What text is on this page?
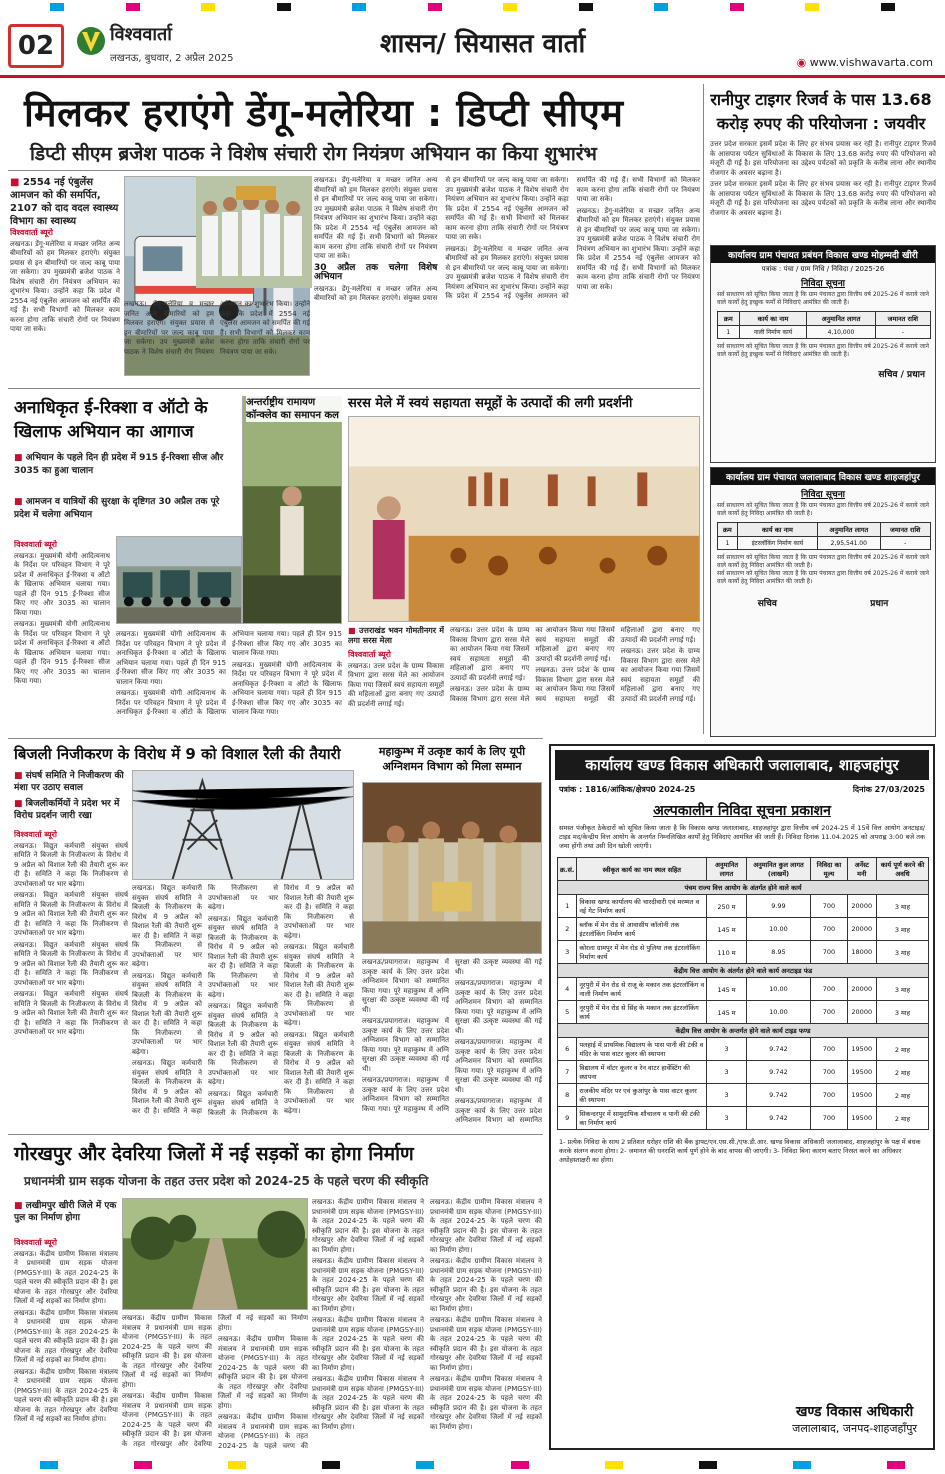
02	विश्ववार्ता
लखनऊ, बुधवार, 2 अप्रैल 2025	शासन/ सियासत वार्ता
◉ www.vishwavarta.com
मिलकर हराएंगे डेंगू-मलेरिया : डिप्टी सीएम
डिप्टी सीएम ब्रजेश पाठक ने विशेष संचारी रोग नियंत्रण अभियान का किया शुभारंभ
■ 2554 नई एंबुलेंस आमजन को की समर्पित, 2107 को दाद वदल स्वास्थ्य विभाग का स्वास्थ्य
विश्ववार्ता ब्यूरो

लखनऊ। डेंगू-मलेरिया व मच्छर जनित अन्य बीमारियों को हम मिलकर हराएंगे। संयुक्त प्रयास से इन बीमारियों पर जल्द काबू पाया जा सकेगा। उप मुख्यमंत्री ब्रजेश पाठक ने विशेष संचारी रोग नियंत्रण अभियान का शुभारंभ किया। उन्होंने कहा कि प्रदेश में 2554 नई एंबुलेंस आमजन को समर्पित की गई हैं। सभी विभागों को मिलकर काम करना होगा ताकि संचारी रोगों पर नियंत्रण पाया जा सके।

लखनऊ। डेंगू-मलेरिया व मच्छर जनित अन्य बीमारियों को हम मिलकर हराएंगे। संयुक्त प्रयास से इन बीमारियों पर जल्द काबू पाया जा सकेगा। उप मुख्यमंत्री ब्रजेश पाठक ने विशेष संचारी रोग नियंत्रण अभियान का शुभारंभ किया। उन्होंने कहा कि प्रदेश में 2554 नई एंबुलेंस आमजन को समर्पित की गई हैं। सभी विभागों को मिलकर काम करना होगा ताकि संचारी रोगों पर नियंत्रण पाया जा सके।

लखनऊ। डेंगू-मलेरिया व मच्छर जनित अन्य बीमारियों को हम मिलकर हराएंगे। संयुक्त प्रयास से इन बीमारियों पर जल्द काबू पाया जा सकेगा। उप मुख्यमंत्री ब्रजेश पाठक ने विशेष संचारी रोग नियंत्रण अभियान का शुभारंभ किया। उन्होंने कहा कि प्रदेश में 2554 नई एंबुलेंस आमजन को समर्पित की गई हैं। सभी विभागों को मिलकर काम करना होगा ताकि संचारी रोगों पर नियंत्रण पाया जा सके।

30 अप्रैल तक चलेगा विशेष अभियान

लखनऊ। डेंगू-मलेरिया व मच्छर जनित अन्य बीमारियों को हम मिलकर हराएंगे। संयुक्त प्रयास से इन बीमारियों पर जल्द काबू पाया जा सकेगा। उप मुख्यमंत्री ब्रजेश पाठक ने विशेष संचारी रोग नियंत्रण अभियान का शुभारंभ किया। उन्होंने कहा कि प्रदेश में 2554 नई एंबुलेंस आमजन को समर्पित की गई हैं। सभी विभागों को मिलकर काम करना होगा ताकि संचारी रोगों पर नियंत्रण पाया जा सके।

लखनऊ। डेंगू-मलेरिया व मच्छर जनित अन्य बीमारियों को हम मिलकर हराएंगे। संयुक्त प्रयास से इन बीमारियों पर जल्द काबू पाया जा सकेगा। उप मुख्यमंत्री ब्रजेश पाठक ने विशेष संचारी रोग नियंत्रण अभियान का शुभारंभ किया। उन्होंने कहा कि प्रदेश में 2554 नई एंबुलेंस आमजन को समर्पित की गई हैं। सभी विभागों को मिलकर काम करना होगा ताकि संचारी रोगों पर नियंत्रण पाया जा सके।

लखनऊ। डेंगू-मलेरिया व मच्छर जनित अन्य बीमारियों को हम मिलकर हराएंगे। संयुक्त प्रयास से इन बीमारियों पर जल्द काबू पाया जा सकेगा। उप मुख्यमंत्री ब्रजेश पाठक ने विशेष संचारी रोग नियंत्रण अभियान का शुभारंभ किया। उन्होंने कहा कि प्रदेश में 2554 नई एंबुलेंस आमजन को समर्पित की गई हैं। सभी विभागों को मिलकर काम करना होगा ताकि संचारी रोगों पर नियंत्रण पाया जा सके।

रानीपुर टाइगर रिजर्व के पास 13.68 करोड़ रुपए की परियोजना : जयवीर

उत्तर प्रदेश सरकार इसमें प्रदेश के लिए हर संभव प्रयास कर रही है। रानीपुर टाइगर रिजर्व के आसपास पर्यटन सुविधाओं के विकास के लिए 13.68 करोड़ रुपए की परियोजना को मंजूरी दी गई है। इस परियोजना का उद्देश्य पर्यटकों को प्रकृति के करीब लाना और स्थानीय रोजगार के अवसर बढ़ाना है।

उत्तर प्रदेश सरकार इसमें प्रदेश के लिए हर संभव प्रयास कर रही है। रानीपुर टाइगर रिजर्व के आसपास पर्यटन सुविधाओं के विकास के लिए 13.68 करोड़ रुपए की परियोजना को मंजूरी दी गई है। इस परियोजना का उद्देश्य पर्यटकों को प्रकृति के करीब लाना और स्थानीय रोजगार के अवसर बढ़ाना है।

कार्यालय ग्राम पंचायत प्रबंधन विकास खण्ड मोहम्मदी खीरी
पत्रांक : पंचा / ग्राम निधि / निविदा / 2025-26
निविदा सूचना
सर्व साधारण को सूचित किया जाता है कि ग्राम पंचायत द्वारा वित्तीय वर्ष 2025-26 में कराये जाने वाले कार्यों हेतु इच्छुक फर्मों से निविदाएं आमंत्रित की जाती हैं।
क्रम	कार्य का नाम	अनुमानित लागत	जमानत राशि
1	नाली निर्माण कार्य	4,10,000	-
सर्व साधारण को सूचित किया जाता है कि ग्राम पंचायत द्वारा वित्तीय वर्ष 2025-26 में कराये जाने वाले कार्यों हेतु इच्छुक फर्मों से निविदाएं आमंत्रित की जाती हैं।
सचिव / प्रधान
कार्यालय ग्राम पंचायत जलालाबाद विकास खण्ड शाहजहांपुर
निविदा सूचना
सर्व साधारण को सूचित किया जाता है कि ग्राम पंचायत द्वारा वित्तीय वर्ष 2025-26 में कराये जाने वाले कार्यों हेतु निविदा आमंत्रित की जाती है।
क्रम	कार्य का नाम	अनुमानित लागत	जमानत राशि
1	इंटरलॉकिंग निर्माण कार्य	2,95,541.00	-
सर्व साधारण को सूचित किया जाता है कि ग्राम पंचायत द्वारा वित्तीय वर्ष 2025-26 में कराये जाने वाले कार्यों हेतु निविदा आमंत्रित की जाती है।
सर्व साधारण को सूचित किया जाता है कि ग्राम पंचायत द्वारा वित्तीय वर्ष 2025-26 में कराये जाने वाले कार्यों हेतु निविदा आमंत्रित की जाती है।
सचिव	प्रधान
अनाधिकृत ई-रिक्शा व ऑटो के खिलाफ अभियान का आगाज
■ अभियान के पहले दिन ही प्रदेश में 915 ई-रिक्शा सीज और 3035 का हुआ चालान
■ आमजन व यात्रियों की सुरक्षा के दृष्टिगत 30 अप्रैल तक पूरे प्रदेश में चलेगा अभियान
विश्ववार्ता ब्यूरो

लखनऊ। मुख्यमंत्री योगी आदित्यनाथ के निर्देश पर परिवहन विभाग ने पूरे प्रदेश में अनाधिकृत ई-रिक्शा व ऑटो के खिलाफ अभियान चलाया गया। पहले ही दिन 915 ई-रिक्शा सीज किए गए और 3035 का चालान किया गया।

लखनऊ। मुख्यमंत्री योगी आदित्यनाथ के निर्देश पर परिवहन विभाग ने पूरे प्रदेश में अनाधिकृत ई-रिक्शा व ऑटो के खिलाफ अभियान चलाया गया। पहले ही दिन 915 ई-रिक्शा सीज किए गए और 3035 का चालान किया गया।

लखनऊ। मुख्यमंत्री योगी आदित्यनाथ के निर्देश पर परिवहन विभाग ने पूरे प्रदेश में अनाधिकृत ई-रिक्शा व ऑटो के खिलाफ अभियान चलाया गया। पहले ही दिन 915 ई-रिक्शा सीज किए गए और 3035 का चालान किया गया।

लखनऊ। मुख्यमंत्री योगी आदित्यनाथ के निर्देश पर परिवहन विभाग ने पूरे प्रदेश में अनाधिकृत ई-रिक्शा व ऑटो के खिलाफ अभियान चलाया गया। पहले ही दिन 915 ई-रिक्शा सीज किए गए और 3035 का चालान किया गया।

लखनऊ। मुख्यमंत्री योगी आदित्यनाथ के निर्देश पर परिवहन विभाग ने पूरे प्रदेश में अनाधिकृत ई-रिक्शा व ऑटो के खिलाफ अभियान चलाया गया। पहले ही दिन 915 ई-रिक्शा सीज किए गए और 3035 का चालान किया गया।

अन्तर्राष्ट्रीय रामायण कॉन्क्लेव का समापन कल
सरस मेले में स्वयं सहायता समूहों के उत्पादों की लगी प्रदर्शनी
■ उत्तराखंड भवन गोमतीनगर में लगा सरस मेला
विश्ववार्ता ब्यूरो

लखनऊ। उत्तर प्रदेश के ग्राम्य विकास विभाग द्वारा सरस मेले का आयोजन किया गया जिसमें स्वयं सहायता समूहों की महिलाओं द्वारा बनाए गए उत्पादों की प्रदर्शनी लगाई गई।

लखनऊ। उत्तर प्रदेश के ग्राम्य विकास विभाग द्वारा सरस मेले का आयोजन किया गया जिसमें स्वयं सहायता समूहों की महिलाओं द्वारा बनाए गए उत्पादों की प्रदर्शनी लगाई गई।

लखनऊ। उत्तर प्रदेश के ग्राम्य विकास विभाग द्वारा सरस मेले का आयोजन किया गया जिसमें स्वयं सहायता समूहों की महिलाओं द्वारा बनाए गए उत्पादों की प्रदर्शनी लगाई गई।

लखनऊ। उत्तर प्रदेश के ग्राम्य विकास विभाग द्वारा सरस मेले का आयोजन किया गया जिसमें स्वयं सहायता समूहों की महिलाओं द्वारा बनाए गए उत्पादों की प्रदर्शनी लगाई गई।

लखनऊ। उत्तर प्रदेश के ग्राम्य विकास विभाग द्वारा सरस मेले का आयोजन किया गया जिसमें स्वयं सहायता समूहों की महिलाओं द्वारा बनाए गए उत्पादों की प्रदर्शनी लगाई गई।

बिजली निजीकरण के विरोध में 9 को विशाल रैली की तैयारी
■ संघर्ष समिति ने निजीकरण की मंशा पर उठाए सवाल
■ बिजलीकर्मियों ने प्रदेश भर में विरोध प्रदर्शन जारी रखा
विश्ववार्ता ब्यूरो

लखनऊ। विद्युत कर्मचारी संयुक्त संघर्ष समिति ने बिजली के निजीकरण के विरोध में 9 अप्रैल को विशाल रैली की तैयारी शुरू कर दी है। समिति ने कहा कि निजीकरण से उपभोक्ताओं पर भार बढ़ेगा।

लखनऊ। विद्युत कर्मचारी संयुक्त संघर्ष समिति ने बिजली के निजीकरण के विरोध में 9 अप्रैल को विशाल रैली की तैयारी शुरू कर दी है। समिति ने कहा कि निजीकरण से उपभोक्ताओं पर भार बढ़ेगा।

लखनऊ। विद्युत कर्मचारी संयुक्त संघर्ष समिति ने बिजली के निजीकरण के विरोध में 9 अप्रैल को विशाल रैली की तैयारी शुरू कर दी है। समिति ने कहा कि निजीकरण से उपभोक्ताओं पर भार बढ़ेगा।

लखनऊ। विद्युत कर्मचारी संयुक्त संघर्ष समिति ने बिजली के निजीकरण के विरोध में 9 अप्रैल को विशाल रैली की तैयारी शुरू कर दी है। समिति ने कहा कि निजीकरण से उपभोक्ताओं पर भार बढ़ेगा।

लखनऊ। विद्युत कर्मचारी संयुक्त संघर्ष समिति ने बिजली के निजीकरण के विरोध में 9 अप्रैल को विशाल रैली की तैयारी शुरू कर दी है। समिति ने कहा कि निजीकरण से उपभोक्ताओं पर भार बढ़ेगा।

लखनऊ। विद्युत कर्मचारी संयुक्त संघर्ष समिति ने बिजली के निजीकरण के विरोध में 9 अप्रैल को विशाल रैली की तैयारी शुरू कर दी है। समिति ने कहा कि निजीकरण से उपभोक्ताओं पर भार बढ़ेगा।

लखनऊ। विद्युत कर्मचारी संयुक्त संघर्ष समिति ने बिजली के निजीकरण के विरोध में 9 अप्रैल को विशाल रैली की तैयारी शुरू कर दी है। समिति ने कहा कि निजीकरण से उपभोक्ताओं पर भार बढ़ेगा।

लखनऊ। विद्युत कर्मचारी संयुक्त संघर्ष समिति ने बिजली के निजीकरण के विरोध में 9 अप्रैल को विशाल रैली की तैयारी शुरू कर दी है। समिति ने कहा कि निजीकरण से उपभोक्ताओं पर भार बढ़ेगा।

लखनऊ। विद्युत कर्मचारी संयुक्त संघर्ष समिति ने बिजली के निजीकरण के विरोध में 9 अप्रैल को विशाल रैली की तैयारी शुरू कर दी है। समिति ने कहा कि निजीकरण से उपभोक्ताओं पर भार बढ़ेगा।

लखनऊ। विद्युत कर्मचारी संयुक्त संघर्ष समिति ने बिजली के निजीकरण के विरोध में 9 अप्रैल को विशाल रैली की तैयारी शुरू कर दी है। समिति ने कहा कि निजीकरण से उपभोक्ताओं पर भार बढ़ेगा।

लखनऊ। विद्युत कर्मचारी संयुक्त संघर्ष समिति ने बिजली के निजीकरण के विरोध में 9 अप्रैल को विशाल रैली की तैयारी शुरू कर दी है। समिति ने कहा कि निजीकरण से उपभोक्ताओं पर भार बढ़ेगा।

लखनऊ। विद्युत कर्मचारी संयुक्त संघर्ष समिति ने बिजली के निजीकरण के विरोध में 9 अप्रैल को विशाल रैली की तैयारी शुरू कर दी है। समिति ने कहा कि निजीकरण से उपभोक्ताओं पर भार बढ़ेगा।

महाकुम्भ में उत्कृष्ट कार्य के लिए यूपी अग्निशमन विभाग को मिला सम्मान

लखनऊ/प्रयागराज। महाकुम्भ में उत्कृष्ट कार्य के लिए उत्तर प्रदेश अग्निशमन विभाग को सम्मानित किया गया। पूरे महाकुम्भ में अग्नि सुरक्षा की उत्कृष्ट व्यवस्था की गई थी।

लखनऊ/प्रयागराज। महाकुम्भ में उत्कृष्ट कार्य के लिए उत्तर प्रदेश अग्निशमन विभाग को सम्मानित किया गया। पूरे महाकुम्भ में अग्नि सुरक्षा की उत्कृष्ट व्यवस्था की गई थी।

लखनऊ/प्रयागराज। महाकुम्भ में उत्कृष्ट कार्य के लिए उत्तर प्रदेश अग्निशमन विभाग को सम्मानित किया गया। पूरे महाकुम्भ में अग्नि सुरक्षा की उत्कृष्ट व्यवस्था की गई थी।

लखनऊ/प्रयागराज। महाकुम्भ में उत्कृष्ट कार्य के लिए उत्तर प्रदेश अग्निशमन विभाग को सम्मानित किया गया। पूरे महाकुम्भ में अग्नि सुरक्षा की उत्कृष्ट व्यवस्था की गई थी।

लखनऊ/प्रयागराज। महाकुम्भ में उत्कृष्ट कार्य के लिए उत्तर प्रदेश अग्निशमन विभाग को सम्मानित किया गया। पूरे महाकुम्भ में अग्नि सुरक्षा की उत्कृष्ट व्यवस्था की गई थी।

लखनऊ/प्रयागराज। महाकुम्भ में उत्कृष्ट कार्य के लिए उत्तर प्रदेश अग्निशमन विभाग को सम्मानित

गोरखपुर और देवरिया जिलों में नई सड़कों का होगा निर्माण
प्रधानमंत्री ग्राम सड़क योजना के तहत उत्तर प्रदेश को 2024-25 के पहले चरण की स्वीकृति
■ लखीमपुर खीरी जिले में एक पुल का निर्माण होगा
विश्ववार्ता ब्यूरो

लखनऊ। केंद्रीय ग्रामीण विकास मंत्रालय ने प्रधानमंत्री ग्राम सड़क योजना (PMGSY-III) के तहत 2024-25 के पहले चरण की स्वीकृति प्रदान की है। इस योजना के तहत गोरखपुर और देवरिया जिलों में नई सड़कों का निर्माण होगा।

लखनऊ। केंद्रीय ग्रामीण विकास मंत्रालय ने प्रधानमंत्री ग्राम सड़क योजना (PMGSY-III) के तहत 2024-25 के पहले चरण की स्वीकृति प्रदान की है। इस योजना के तहत गोरखपुर और देवरिया जिलों में नई सड़कों का निर्माण होगा।

लखनऊ। केंद्रीय ग्रामीण विकास मंत्रालय ने प्रधानमंत्री ग्राम सड़क योजना (PMGSY-III) के तहत 2024-25 के पहले चरण की स्वीकृति प्रदान की है। इस योजना के तहत गोरखपुर और देवरिया जिलों में नई सड़कों का निर्माण होगा।

लखनऊ। केंद्रीय ग्रामीण विकास मंत्रालय ने प्रधानमंत्री ग्राम सड़क योजना (PMGSY-III) के तहत 2024-25 के पहले चरण की स्वीकृति प्रदान की है। इस योजना के तहत गोरखपुर और देवरिया जिलों में नई सड़कों का निर्माण होगा।

लखनऊ। केंद्रीय ग्रामीण विकास मंत्रालय ने प्रधानमंत्री ग्राम सड़क योजना (PMGSY-III) के तहत 2024-25 के पहले चरण की स्वीकृति प्रदान की है। इस योजना के तहत गोरखपुर और देवरिया जिलों में नई सड़कों का निर्माण होगा।

लखनऊ। केंद्रीय ग्रामीण विकास मंत्रालय ने प्रधानमंत्री ग्राम सड़क योजना (PMGSY-III) के तहत 2024-25 के पहले चरण की स्वीकृति प्रदान की है। इस योजना के तहत गोरखपुर और देवरिया जिलों में नई सड़कों का निर्माण होगा।

लखनऊ। केंद्रीय ग्रामीण विकास मंत्रालय ने प्रधानमंत्री ग्राम सड़क योजना (PMGSY-III) के तहत 2024-25 के पहले चरण की

लखनऊ। केंद्रीय ग्रामीण विकास मंत्रालय ने प्रधानमंत्री ग्राम सड़क योजना (PMGSY-III) के तहत 2024-25 के पहले चरण की स्वीकृति प्रदान की है। इस योजना के तहत गोरखपुर और देवरिया जिलों में नई सड़कों का निर्माण होगा।

लखनऊ। केंद्रीय ग्रामीण विकास मंत्रालय ने प्रधानमंत्री ग्राम सड़क योजना (PMGSY-III) के तहत 2024-25 के पहले चरण की स्वीकृति प्रदान की है। इस योजना के तहत गोरखपुर और देवरिया जिलों में नई सड़कों का निर्माण होगा।

लखनऊ। केंद्रीय ग्रामीण विकास मंत्रालय ने प्रधानमंत्री ग्राम सड़क योजना (PMGSY-III) के तहत 2024-25 के पहले चरण की स्वीकृति प्रदान की है। इस योजना के तहत गोरखपुर और देवरिया जिलों में नई सड़कों का निर्माण होगा।

लखनऊ। केंद्रीय ग्रामीण विकास मंत्रालय ने प्रधानमंत्री ग्राम सड़क योजना (PMGSY-III) के तहत 2024-25 के पहले चरण की स्वीकृति प्रदान की है। इस योजना के तहत गोरखपुर और देवरिया जिलों में नई सड़कों का निर्माण होगा।

लखनऊ। केंद्रीय ग्रामीण विकास मंत्रालय ने प्रधानमंत्री ग्राम सड़क योजना (PMGSY-III) के तहत 2024-25 के पहले चरण की स्वीकृति प्रदान की है। इस योजना के तहत गोरखपुर और देवरिया जिलों में नई सड़कों का निर्माण होगा।

लखनऊ। केंद्रीय ग्रामीण विकास मंत्रालय ने प्रधानमंत्री ग्राम सड़क योजना (PMGSY-III) के तहत 2024-25 के पहले चरण की स्वीकृति प्रदान की है। इस योजना के तहत गोरखपुर और देवरिया जिलों में नई सड़कों का निर्माण होगा।

लखनऊ। केंद्रीय ग्रामीण विकास मंत्रालय ने प्रधानमंत्री ग्राम सड़क योजना (PMGSY-III) के तहत 2024-25 के पहले चरण की स्वीकृति प्रदान की है। इस योजना के तहत गोरखपुर और देवरिया जिलों में नई सड़कों का निर्माण होगा।

लखनऊ। केंद्रीय ग्रामीण विकास मंत्रालय ने प्रधानमंत्री ग्राम सड़क योजना (PMGSY-III) के तहत 2024-25 के पहले चरण की स्वीकृति प्रदान की है। इस योजना के तहत गोरखपुर और देवरिया जिलों में नई सड़कों का निर्माण होगा।

कार्यालय खण्ड विकास अधिकारी जलालाबाद, शाहजहांपुर
पत्रांक : 1816/आंकिक/क्षेत्रप0 2024-25	दिनांक 27/03/2025
अल्पकालीन निविदा सूचना प्रकाशन
समस्त पंजीकृत ठेकेदारों को सूचित किया जाता है कि विकास खण्ड जलालाबाद, शाहजहांपुर द्वारा वित्तीय वर्ष 2024-25 में 15वें वित्त आयोग अनटाइड/टाइड मद/केन्द्रीय वित्त आयोग के अन्तर्गत निम्नलिखित कार्यों हेतु निविदाएं आमंत्रित की जाती हैं। निविदा दिनांक 11.04.2025 को अपराह्न 3:00 बजे तक जमा होंगी तथा उसी दिन खोली जाएंगी।
क्र.सं.	स्वीकृत कार्य का नाम स्थल सहित	अनुमानित लागत	अनुमानित कुल लागत (लाखमें)	निविदा का मूल्य	अर्नेस्ट मनी	कार्य पूर्ण करने की अवधि
पंचम राज्य वित्त आयोग के अंतर्गत होने वाले कार्य						
1	विकास खण्ड कार्यालय की चारदीवारी एवं मरम्मत व नई गेट निर्माण कार्य	250 म	9.99	700	20000	3 माह
2	ब्लॉक में मेन रोड से आवासीय कॉलोनी तक इंटरलॉकिंग निर्माण कार्य	145 म	10.00	700	20000	3 माह
3	कोरला ग्रामपुर में मेन रोड से पुलिया तक इंटरलॉकिंग निर्माण कार्य	110 म	8.95	700	18000	3 माह
केंद्रीय वित्त आयोग के अंतर्गत होने वाले कार्य अनटाइड फंड						
4	नूरपुरी में मेन रोड से राजू के मकान तक इंटरलॉकिंग व नाली निर्माण कार्य	145 म	10.00	700	20000	3 माह
5	नूरपुरी में मेन रोड से सिंह के मकान तक इंटरलॉकिंग कार्य	145 म	10.00	700	20000	3 माह
केंद्रीय वित्त आयोग के अन्तर्गत होने वाले कार्य टाइड फण्ड						
6	पलहाई में प्राथमिक विद्यालय के पास पानी की टंकी व मंदिर के पास वाटर कूलर की स्थापना	3	9.742	700	19500	2 माह
7	विद्यालय में वॉटर कूलर व रेन वाटर हार्वेस्टिंग की स्थापना	3	9.742	700	19500	2 माह
8	राजकीय मंदिर पर एवं कुआंपुर के पास वाटर कूलर की स्थापना	3	9.742	700	19500	2 माह
9	सिकन्दरपुर में सामुदायिक शौचालय व पानी की टंकी का निर्माण कार्य	3	9.742	700	19500	2 माह
1- प्रत्येक निविदा के साथ 2 प्रतिशत धरोहर राशि की बैंक ड्राफ्ट/एन.एस.सी./एफ.डी.आर. खण्ड विकास अधिकारी जलालाबाद, शाहजहांपुर के पक्ष में बंधक करके संलग्न करना होगा। 2- जमानत की धनराशि कार्य पूर्ण होने के बाद वापस की जाएगी। 3- निविदा बिना कारण बताए निरस्त करने का अधिकार अधोहस्ताक्षरी का होगा।
खण्ड विकास अधिकारी
जलालाबाद, जनपद-शाहजहाँपुर
